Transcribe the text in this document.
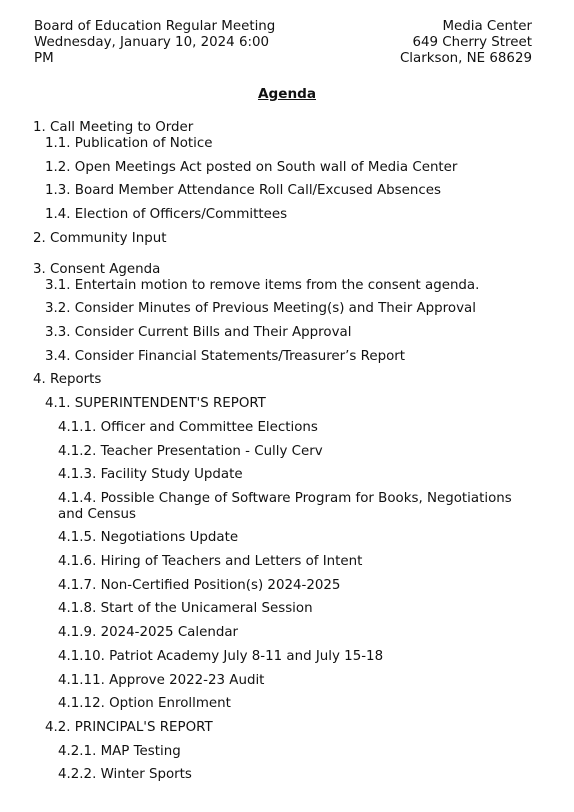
Board of Education Regular Meeting
Wednesday, January 10, 2024 6:00
PM
Media Center
649 Cherry Street
Clarkson, NE 68629
Agenda
1. Call Meeting to Order
1.1. Publication of Notice
1.2. Open Meetings Act posted on South wall of Media Center
1.3. Board Member Attendance Roll Call/Excused Absences
1.4. Election of Officers/Committees
2. Community Input
3. Consent Agenda
3.1. Entertain motion to remove items from the consent agenda.
3.2. Consider Minutes of Previous Meeting(s) and Their Approval
3.3. Consider Current Bills and Their Approval
3.4. Consider Financial Statements/Treasurer’s Report
4. Reports
4.1. SUPERINTENDENT'S REPORT
4.1.1. Officer and Committee Elections
4.1.2. Teacher Presentation - Cully Cerv
4.1.3. Facility Study Update
4.1.4. Possible Change of Software Program for Books, Negotiations and Census
4.1.5. Negotiations Update
4.1.6. Hiring of Teachers and Letters of Intent
4.1.7. Non-Certified Position(s) 2024-2025
4.1.8. Start of the Unicameral Session
4.1.9. 2024-2025 Calendar
4.1.10. Patriot Academy July 8-11 and July 15-18
4.1.11. Approve 2022-23 Audit
4.1.12. Option Enrollment
4.2. PRINCIPAL'S REPORT
4.2.1. MAP Testing
4.2.2. Winter Sports
